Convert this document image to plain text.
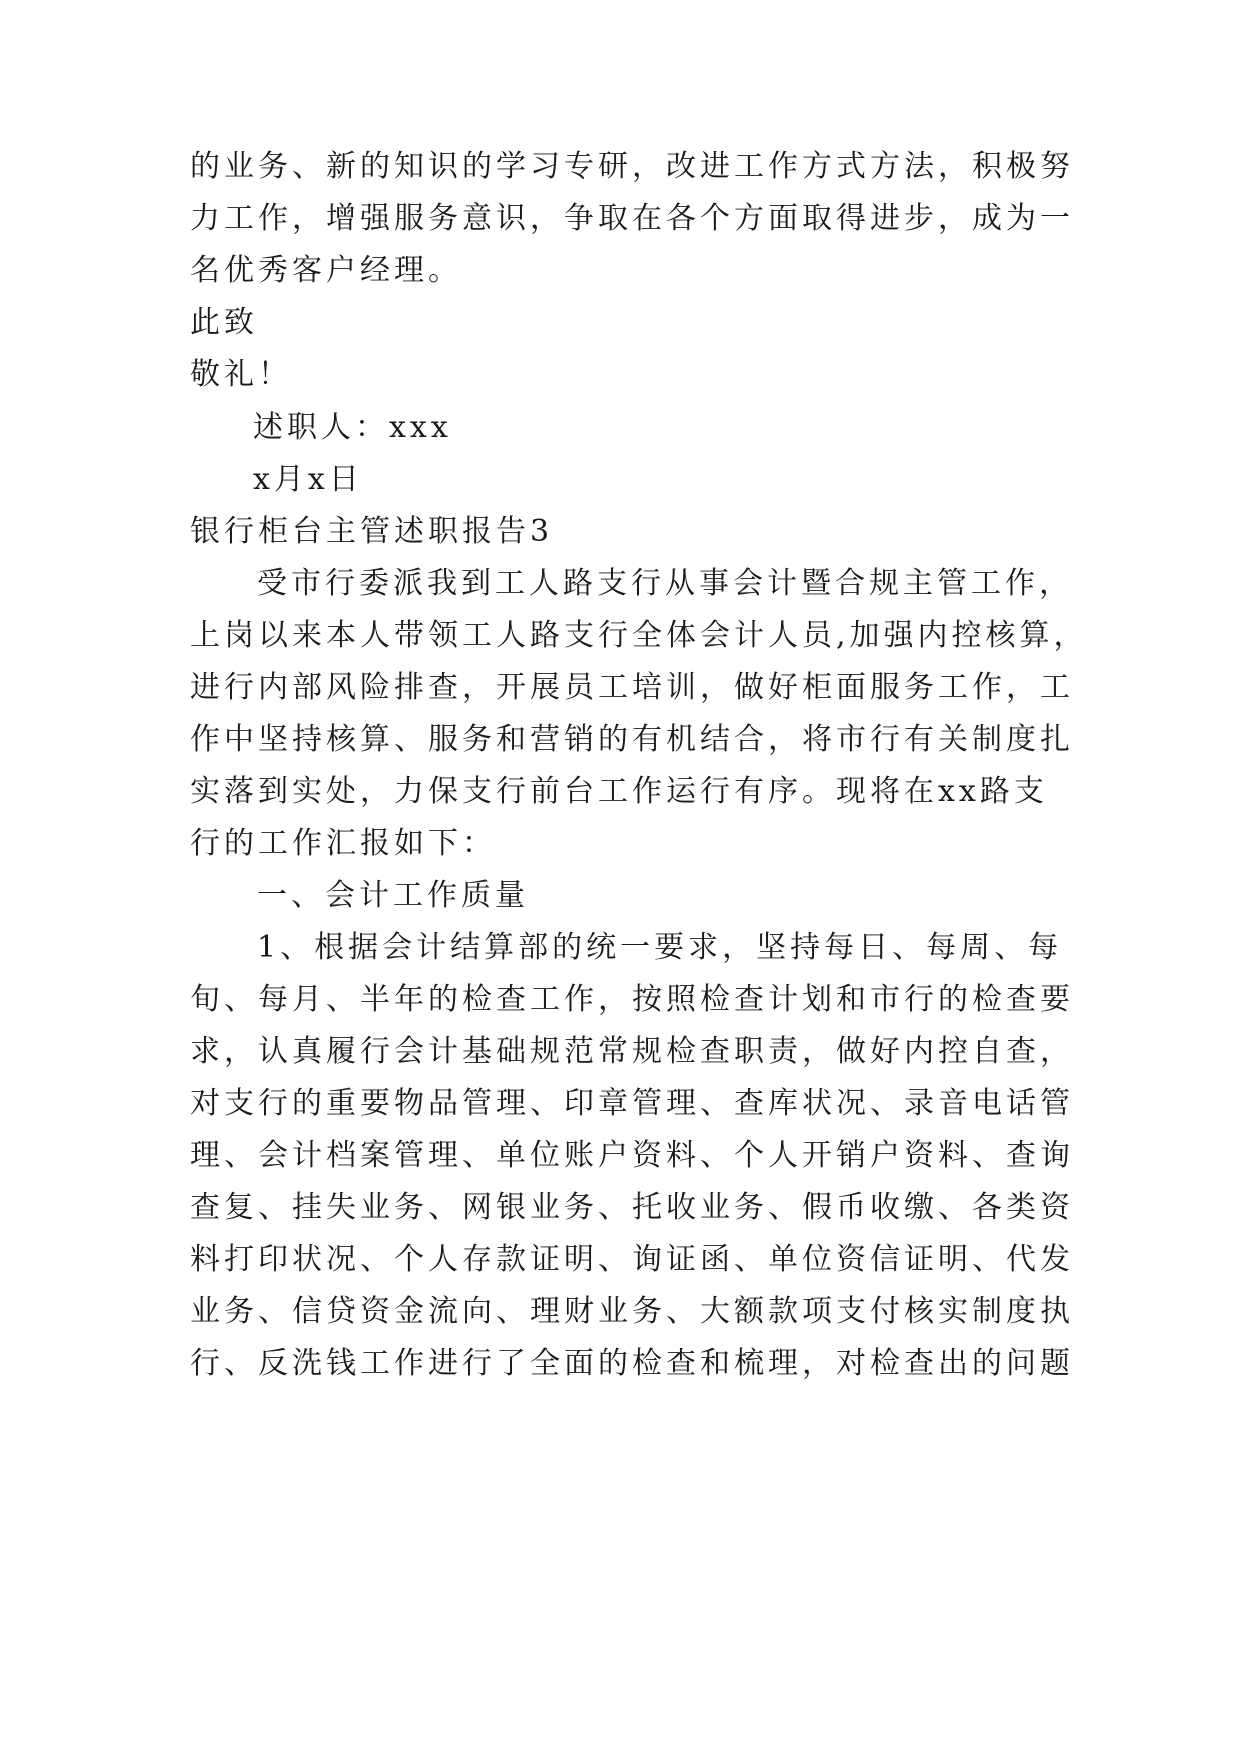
的业务、新的知识的学习专研，改进工作方式方法，积极努
力工作，增强服务意识，争取在各个方面取得进步，成为一
名优秀客户经理。
此致
敬礼！
述职人：xxx
x月x日
银行柜台主管述职报告3
受市行委派我到工人路支行从事会计暨合规主管工作，
上岗以来本人带领工人路支行全体会计人员,加强内控核算，
进行内部风险排查，开展员工培训，做好柜面服务工作，工
作中坚持核算、服务和营销的有机结合，将市行有关制度扎
实落到实处，力保支行前台工作运行有序。现将在xx路支
行的工作汇报如下：
一、会计工作质量
1、根据会计结算部的统一要求，坚持每日、每周、每
旬、每月、半年的检查工作，按照检查计划和市行的检查要
求，认真履行会计基础规范常规检查职责，做好内控自查，
对支行的重要物品管理、印章管理、查库状况、录音电话管
理、会计档案管理、单位账户资料、个人开销户资料、查询
查复、挂失业务、网银业务、托收业务、假币收缴、各类资
料打印状况、个人存款证明、询证函、单位资信证明、代发
业务、信贷资金流向、理财业务、大额款项支付核实制度执
行、反洗钱工作进行了全面的检查和梳理，对检查出的问题
